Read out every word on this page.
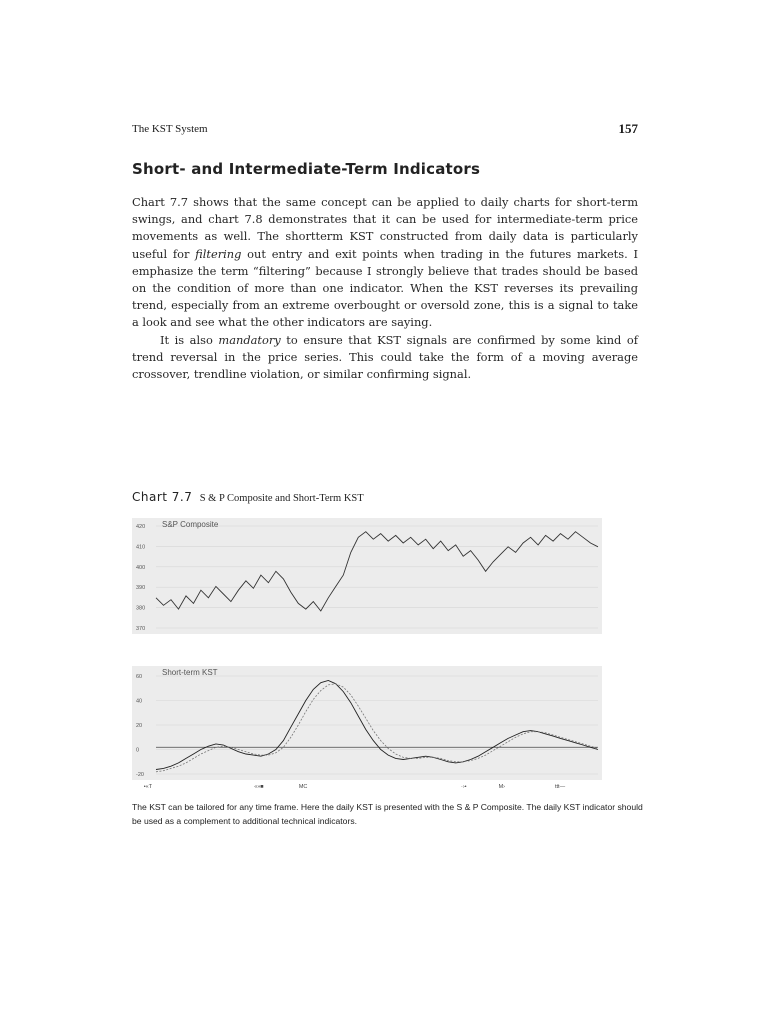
The KST System	157
Short- and Intermediate-Term Indicators

Chart 7.7 shows that the same concept can be applied to daily charts for short-term swings, and chart 7.8 demonstrates that it can be used for intermediate-term price movements as well. The shortterm KST constructed from daily data is particularly useful for filtering out entry and exit points when trading in the futures markets. I emphasize the term “filtering” because I strongly believe that trades should be based on the condition of more than one indicator. When the KST reverses its prevailing trend, especially from an extreme overbought or oversold zone, this is a signal to take a look and see what the other indicators are saying.

It is also mandatory to ensure that KST signals are confirmed by some kind of trend reversal in the price series. This could take the form of a moving average crossover, trendline violation, or similar confirming signal.

Chart 7.7 S & P Composite and Short-Term KST
420
410
400
390
380
370
S&P Composite
60
40
20
0
-20
Short-term KST
•«T	«»■	MC	·›•	M›	ttt—
The KST can be tailored for any time frame. Here the daily KST is presented with the S & P Composite. The daily KST indicator should be used as a complement to additional technical indicators.
